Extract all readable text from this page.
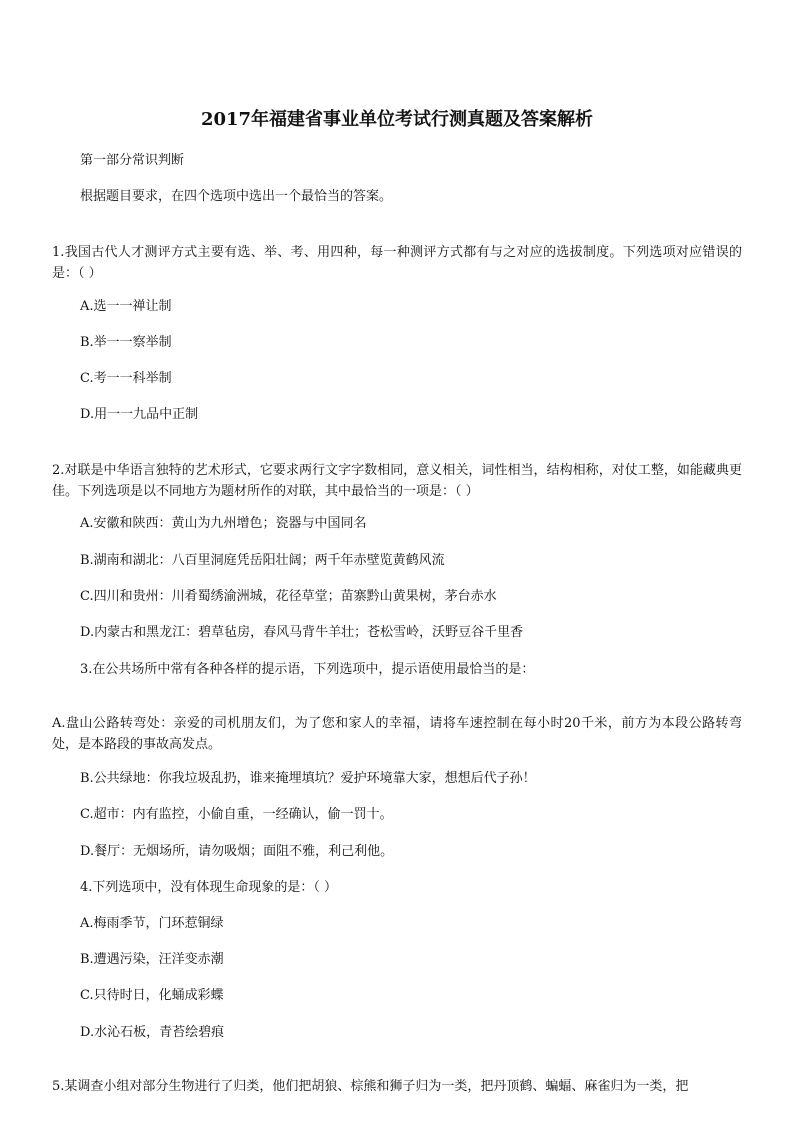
2017年福建省事业单位考试行测真题及答案解析
第一部分常识判断
根据题目要求，在四个选项中选出一个最恰当的答案。
1.我国古代人才测评方式主要有选、举、考、用四种，每一种测评方式都有与之对应的选拔制度。下列选项对应错误的是：（ ）
A.选一一禅让制
B.举一一察举制
C.考一一科举制
D.用一一九品中正制
2.对联是中华语言独特的艺术形式，它要求两行文字字数相同，意义相关，词性相当，结构相称，对仗工整，如能藏典更佳。下列选项是以不同地方为题材所作的对联，其中最恰当的一项是：（ ）
A.安徽和陕西：黄山为九州增色；瓷器与中国同名
B.湖南和湖北：八百里洞庭凭岳阳壮阔；两千年赤壁览黄鹤风流
C.四川和贵州：川肴蜀绣渝洲城，花径草堂；苗寨黔山黄果树，茅台赤水
D.内蒙古和黑龙江：碧草毡房，春风马背牛羊壮；苍松雪岭，沃野豆谷千里香
3.在公共场所中常有各种各样的提示语，下列选项中，提示语使用最恰当的是：
A.盘山公路转弯处：亲爱的司机朋友们，为了您和家人的幸福，请将车速控制在每小时20千米，前方为本段公路转弯处，是本路段的事故高发点。
B.公共绿地：你我垃圾乱扔，谁来掩埋填坑？爱护环境靠大家，想想后代子孙！
C.超市：内有监控，小偷自重，一经确认，偷一罚十。
D.餐厅：无烟场所，请勿吸烟；面阻不雅，利己利他。
4.下列选项中，没有体现生命现象的是：（ ）
A.梅雨季节，门环惹铜绿
B.遭遇污染，汪洋变赤潮
C.只待时日，化蛹成彩蝶
D.水沁石板，青苔绘碧痕
5.某调查小组对部分生物进行了归类，他们把胡狼、棕熊和狮子归为一类，把丹顶鹤、蝙蝠、麻雀归为一类，把
